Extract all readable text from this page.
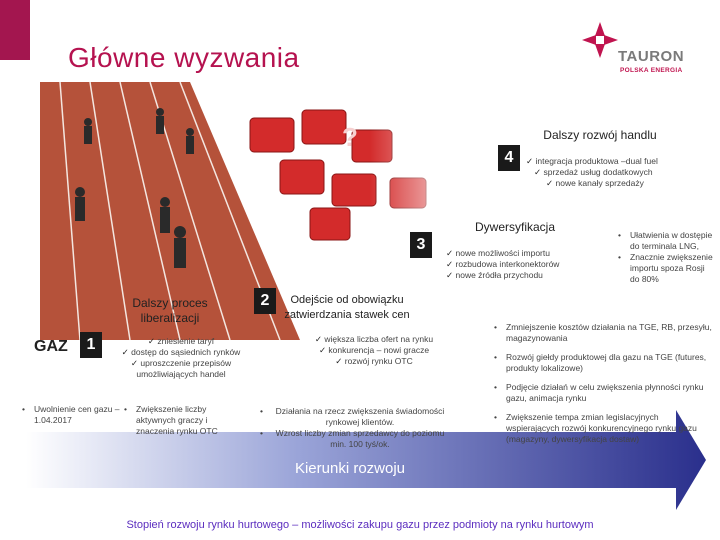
Główne wyzwania	TAURON
POLSKA ENERGIA
Kierunki rozwoju
Dalszy rozwój handlu
4	✓ integracja produktowa –dual fuel
✓ sprzedaż usług dodatkowych
✓ nowe kanały sprzedaży
Dywersyfikacja
3	✓ nowe możliwości importu
✓ rozbudowa interkonektorów
✓ nowe źródła przychodu
• Ułatwienia w dostępie do terminala LNG,
• Znacznie zwiększenie importu spoza Rosji do 80%
2	Odejście od obowiązku zatwierdzania stawek cen
✓ większa liczba ofert na rynku
✓ konkurencja – nowi gracze
✓ rozwój rynku OTC
• Działania na rzecz zwiększenia świadomości rynkowej klientów.
• Wzrost liczby zmian sprzedawcy do poziomu min. 100 tyś/ok.
Dalszy proces liberalizacji
GAZ 1	✓ zniesienie taryf
✓ dostęp do sąsiednich rynków
✓ uproszczenie przepisów umożliwiających handel
• Uwolnienie cen gazu – 1.04.2017
• Zwiększenie liczby aktywnych graczy i znaczenia rynku OTC
• Zmniejszenie kosztów działania na TGE, RB, przesyłu, magazynowania
• Rozwój giełdy produktowej dla gazu na TGE (futures, produkty lokalizowe)
• Podjęcie działań w celu zwiększenia płynności rynku gazu, animacja rynku
• Zwiększenie tempa zmian legislacyjnych wspierających rozwój konkurencyjnego rynku gazu (magazyny, dywersyfikacja dostaw)
Stopień rozwoju rynku hurtowego – możliwości zakupu gazu przez podmioty na rynku hurtowym
